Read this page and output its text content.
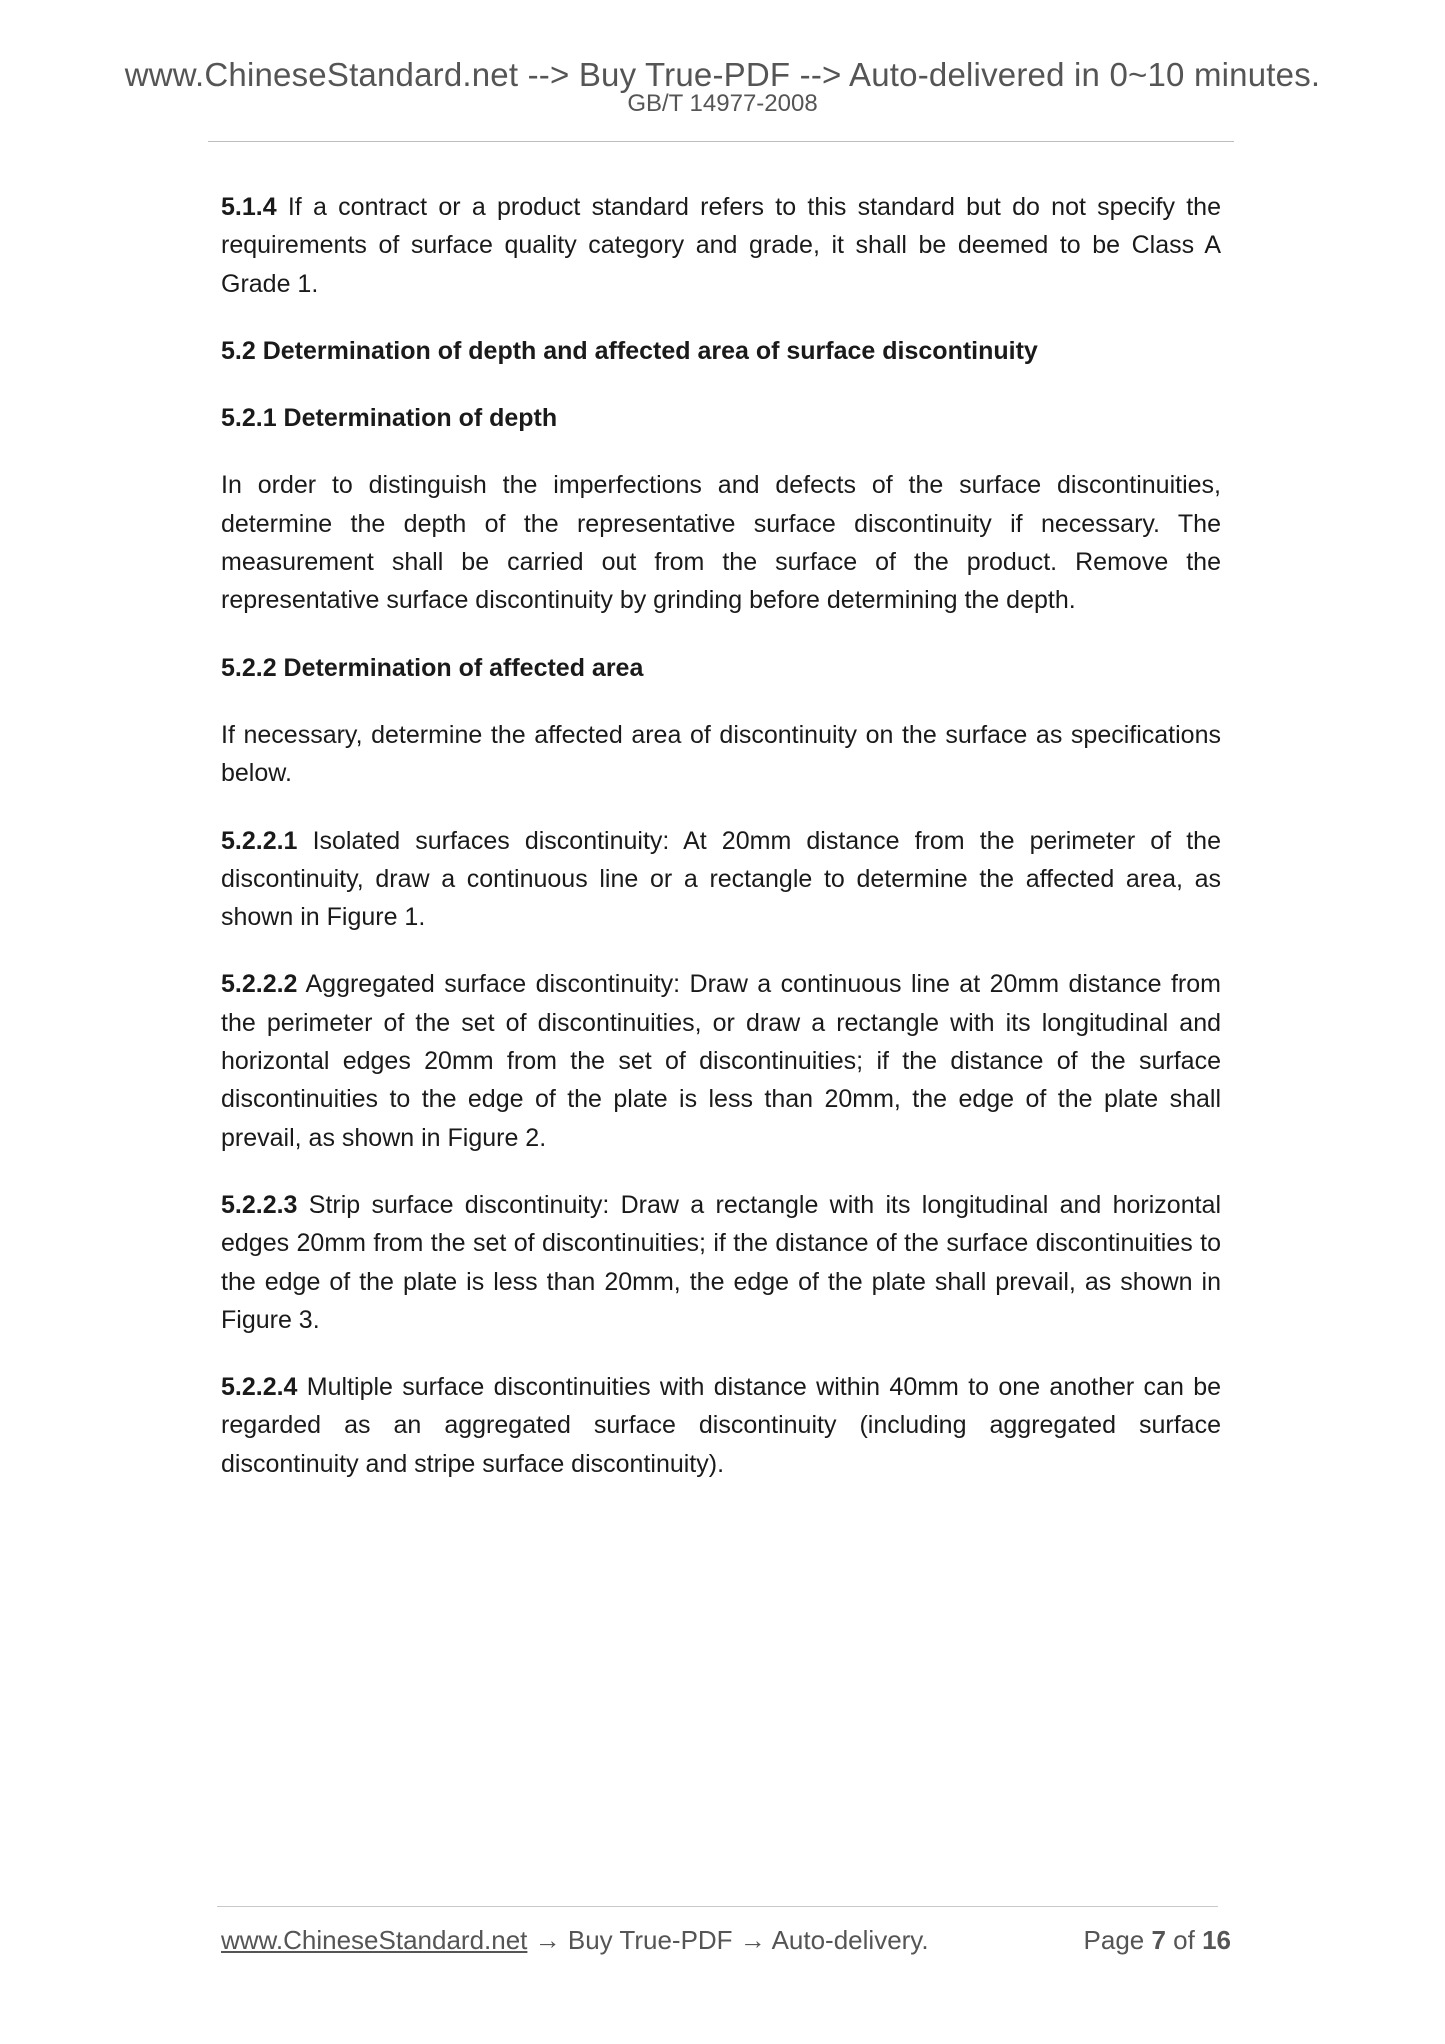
www.ChineseStandard.net --> Buy True-PDF --> Auto-delivered in 0~10 minutes.
GB/T 14977-2008

5.1.4 If a contract or a product standard refers to this standard but do not specify the requirements of surface quality category and grade, it shall be deemed to be Class A Grade 1.

5.2 Determination of depth and affected area of surface discontinuity
5.2.1 Determination of depth

In order to distinguish the imperfections and defects of the surface discontinuities, determine the depth of the representative surface discontinuity if necessary. The measurement shall be carried out from the surface of the product. Remove the representative surface discontinuity by grinding before determining the depth.

5.2.2 Determination of affected area

If necessary, determine the affected area of discontinuity on the surface as specifications below.

5.2.2.1 Isolated surfaces discontinuity: At 20mm distance from the perimeter of the discontinuity, draw a continuous line or a rectangle to determine the affected area, as shown in Figure 1.

5.2.2.2 Aggregated surface discontinuity: Draw a continuous line at 20mm distance from the perimeter of the set of discontinuities, or draw a rectangle with its longitudinal and horizontal edges 20mm from the set of discontinuities; if the distance of the surface discontinuities to the edge of the plate is less than 20mm, the edge of the plate shall prevail, as shown in Figure 2.

5.2.2.3 Strip surface discontinuity: Draw a rectangle with its longitudinal and horizontal edges 20mm from the set of discontinuities; if the distance of the surface discontinuities to the edge of the plate is less than 20mm, the edge of the plate shall prevail, as shown in Figure 3.

5.2.2.4 Multiple surface discontinuities with distance within 40mm to one another can be regarded as an aggregated surface discontinuity (including aggregated surface discontinuity and stripe surface discontinuity).

www.ChineseStandard.net → Buy True-PDF → Auto-delivery.	Page 7 of 16
